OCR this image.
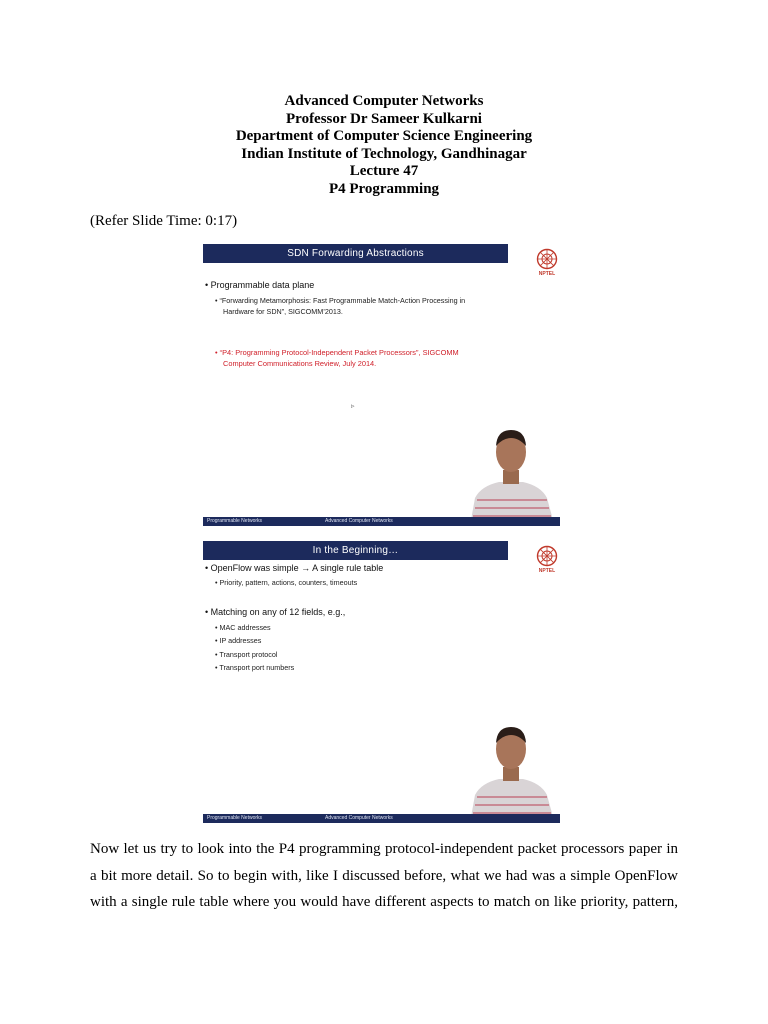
Advanced Computer Networks
Professor Dr Sameer Kulkarni
Department of Computer Science Engineering
Indian Institute of Technology, Gandhinagar
Lecture 47
P4 Programming
(Refer Slide Time: 0:17)
SDN Forwarding Abstractions
NPTEL
• Programmable data plane
• “Forwarding Metamorphosis: Fast Programmable Match-Action Processing in
Hardware for SDN”, SIGCOMM’2013.
• “P4: Programming Protocol-Independent Packet Processors”, SIGCOMM
Computer Communications Review, July 2014.
▹
Programmable Networks	Advanced Computer Networks
In the Beginning…
NPTEL
• OpenFlow was simple → A single rule table
• Priority, pattern, actions, counters, timeouts
• Matching on any of 12 fields, e.g.,
• MAC addresses
• IP addresses
• Transport protocol
• Transport port numbers
Programmable Networks	Advanced Computer Networks
Now let us try to look into the P4 programming protocol-independent packet processors paper in
a bit more detail. So to begin with, like I discussed before, what we had was a simple OpenFlow
with a single rule table where you would have different aspects to match on like priority, pattern,
